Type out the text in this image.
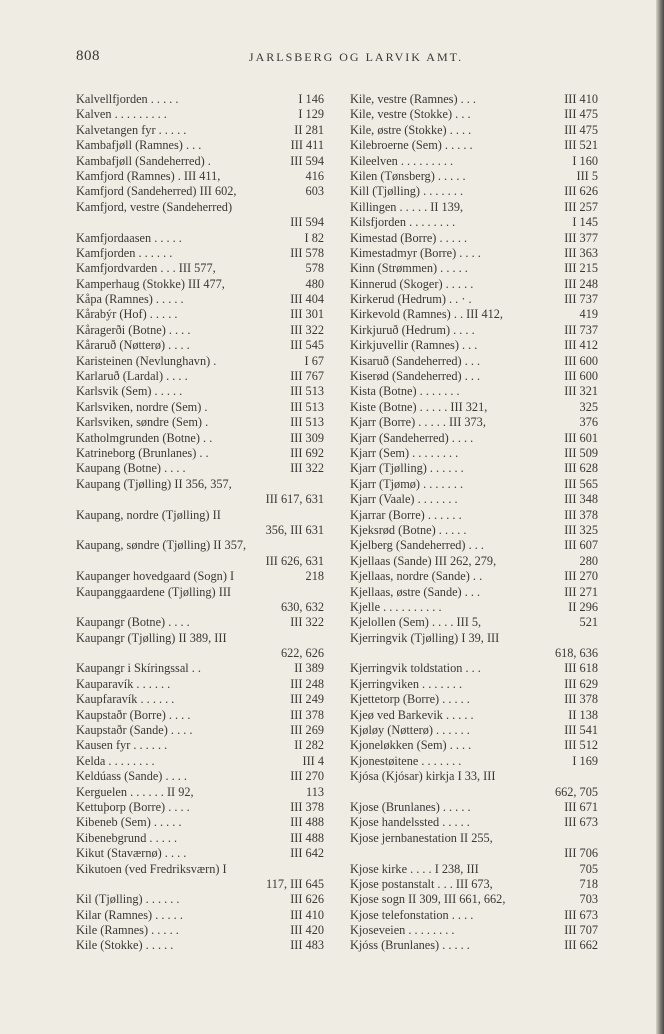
808	JARLSBERG OG LARVIK AMT.
Kalvellfjorden . . . . .	I 146
Kalven . . . . . . . . .	I 129
Kalvetangen fyr . . . . .	II 281
Kambafjøll (Ramnes) . . .	III 411
Kambafjøll (Sandeherred) .	III 594
Kamfjord (Ramnes) . III 411,	416
Kamfjord (Sandeherred) III 602,	603
Kamfjord, vestre (Sandeherred)
III 594
Kamfjordaasen . . . . .	I 82
Kamfjorden . . . . . .	III 578
Kamfjordvarden . . . III 577,	578
Kamperhaug (Stokke) III 477,	480
Kåpa (Ramnes) . . . . .	III 404
Kårabýr (Hof) . . . . .	III 301
Kåragerði (Botne) . . . .	III 322
Kåraruð (Nøtterø) . . . .	III 545
Karisteinen (Nevlunghavn) .	I 67
Karlaruð (Lardal) . . . .	III 767
Karlsvik (Sem) . . . . .	III 513
Karlsviken, nordre (Sem) .	III 513
Karlsviken, søndre (Sem) .	III 513
Katholmgrunden (Botne) . .	III 309
Katrineborg (Brunlanes) . .	III 692
Kaupang (Botne) . . . .	III 322
Kaupang (Tjølling) II 356, 357,
III 617, 631
Kaupang, nordre (Tjølling) II
356, III 631
Kaupang, søndre (Tjølling) II 357,
III 626, 631
Kaupanger hovedgaard (Sogn) I	218
Kaupanggaardene (Tjølling) III
630, 632
Kaupangr (Botne) . . . .	III 322
Kaupangr (Tjølling) II 389, III
622, 626
Kaupangr i Skíringssal . .	II 389
Kauparavík . . . . . .	III 248
Kaupfaravík . . . . . .	III 249
Kaupstaðr (Borre) . . . .	III 378
Kaupstaðr (Sande) . . . .	III 269
Kausen fyr . . . . . .	II 282
Kelda . . . . . . . .	III 4
Keldúass (Sande) . . . .	III 270
Kerguelen . . . . . . II 92,	113
Kettuþorp (Borre) . . . .	III 378
Kibeneb (Sem) . . . . .	III 488
Kibenebgrund . . . . .	III 488
Kikut (Staværnø) . . . .	III 642
Kikutoen (ved Fredriksværn) I
117, III 645
Kil (Tjølling) . . . . . .	III 626
Kilar (Ramnes) . . . . .	III 410
Kile (Ramnes) . . . . .	III 420
Kile (Stokke) . . . . .	III 483
Kile, vestre (Ramnes) . . .	III 410
Kile, vestre (Stokke) . . .	III 475
Kile, østre (Stokke) . . . .	III 475
Kilebroerne (Sem) . . . . .	III 521
Kileelven . . . . . . . . .	I 160
Kilen (Tønsberg) . . . . .	III 5
Kill (Tjølling) . . . . . . .	III 626
Killingen . . . . . II 139,	III 257
Kilsfjorden . . . . . . . .	I 145
Kimestad (Borre) . . . . .	III 377
Kimestadmyr (Borre) . . . .	III 363
Kinn (Strømmen) . . . . .	III 215
Kinnerud (Skoger) . . . . .	III 248
Kirkerud (Hedrum) . . · .	III 737
Kirkevold (Ramnes) . . III 412,	419
Kirkjuruð (Hedrum) . . . .	III 737
Kirkjuvellir (Ramnes) . . .	III 412
Kisaruð (Sandeherred) . . .	III 600
Kiserød (Sandeherred) . . .	III 600
Kista (Botne) . . . . . . .	III 321
Kiste (Botne) . . . . . III 321,	325
Kjarr (Borre) . . . . . III 373,	376
Kjarr (Sandeherred) . . . .	III 601
Kjarr (Sem) . . . . . . . .	III 509
Kjarr (Tjølling) . . . . . .	III 628
Kjarr (Tjømø) . . . . . . .	III 565
Kjarr (Vaale) . . . . . . .	III 348
Kjarrar (Borre) . . . . . .	III 378
Kjeksrød (Botne) . . . . .	III 325
Kjelberg (Sandeherred) . . .	III 607
Kjellaas (Sande) III 262, 279,	280
Kjellaas, nordre (Sande) . .	III 270
Kjellaas, østre (Sande) . . .	III 271
Kjelle . . . . . . . . . .	II 296
Kjelollen (Sem) . . . . III 5,	521
Kjerringvik (Tjølling) I 39, III
618, 636
Kjerringvik toldstation . . .	III 618
Kjerringviken . . . . . . .	III 629
Kjettetorp (Borre) . . . . .	III 378
Kjeø ved Barkevik . . . . .	II 138
Kjøløy (Nøtterø) . . . . . .	III 541
Kjoneløkken (Sem) . . . .	III 512
Kjonestøitene . . . . . . .	I 169
Kjósa (Kjósar) kirkja I 33, III
662, 705
Kjose (Brunlanes) . . . . .	III 671
Kjose handelssted . . . . .	III 673
Kjose jernbanestation II 255,
III 706
Kjose kirke . . . . I 238, III	705
Kjose postanstalt . . . III 673,	718
Kjose sogn II 309, III 661, 662,	703
Kjose telefonstation . . . .	III 673
Kjoseveien . . . . . . . .	III 707
Kjóss (Brunlanes) . . . . .	III 662
